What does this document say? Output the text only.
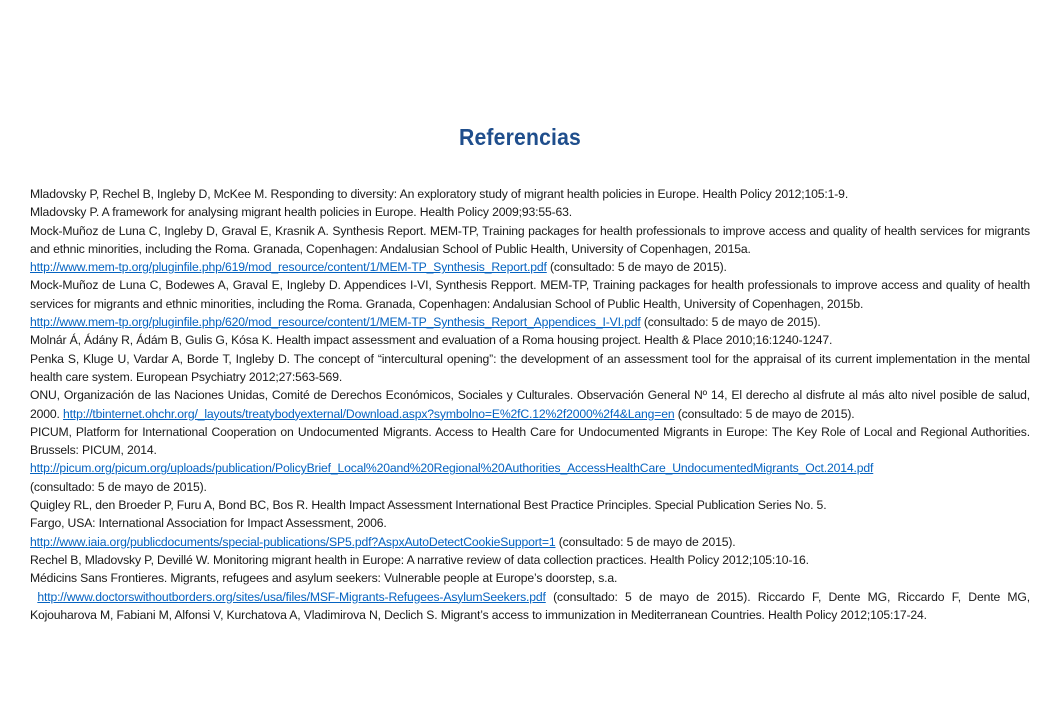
Referencias

Mladovsky P, Rechel B, Ingleby D, McKee M. Responding to diversity: An exploratory study of migrant health policies in Europe. Health Policy 2012;105:1-9.

Mladovsky P. A framework for analysing migrant health policies in Europe. Health Policy 2009;93:55-63.

Mock-Muñoz de Luna C, Ingleby D, Graval E, Krasnik A. Synthesis Report. MEM-TP, Training packages for health professionals to improve access and quality of health services for migrants and ethnic minorities, including the Roma. Granada, Copenhagen: Andalusian School of Public Health, University of Copenhagen, 2015a.
http://www.mem-tp.org/pluginfile.php/619/mod_resource/content/1/MEM-TP_Synthesis_Report.pdf (consultado: 5 de mayo de 2015).

Mock-Muñoz de Luna C, Bodewes A, Graval E, Ingleby D. Appendices I-VI, Synthesis Repport. MEM-TP, Training packages for health professionals to improve access and quality of health services for migrants and ethnic minorities, including the Roma. Granada, Copenhagen: Andalusian School of Public Health, University of Copenhagen, 2015b.
http://www.mem-tp.org/pluginfile.php/620/mod_resource/content/1/MEM-TP_Synthesis_Report_Appendices_I-VI.pdf (consultado: 5 de mayo de 2015).

Molnár Á, Ádány R, Ádám B, Gulis G, Kósa K. Health impact assessment and evaluation of a Roma housing project. Health & Place 2010;16:1240-1247.

Penka S, Kluge U, Vardar A, Borde T, Ingleby D. The concept of “intercultural opening”: the development of an assessment tool for the appraisal of its current implementation in the mental health care system. European Psychiatry 2012;27:563-569.

ONU, Organización de las Naciones Unidas, Comité de Derechos Económicos, Sociales y Culturales. Observación General Nº 14, El derecho al disfrute al más alto nivel posible de salud, 2000. http://tbinternet.ohchr.org/_layouts/treatybodyexternal/Download.aspx?symbolno=E%2fC.12%2f2000%2f4&Lang=en (consultado: 5 de mayo de 2015).

PICUM, Platform for International Cooperation on Undocumented Migrants. Access to Health Care for Undocumented Migrants in Europe: The Key Role of Local and Regional Authorities. Brussels: PICUM, 2014.
http://picum.org/picum.org/uploads/publication/PolicyBrief_Local%20and%20Regional%20Authorities_AccessHealthCare_UndocumentedMigrants_Oct.2014.pdf
(consultado: 5 de mayo de 2015).

Quigley RL, den Broeder P, Furu A, Bond BC, Bos R. Health Impact Assessment International Best Practice Principles. Special Publication Series No. 5.
Fargo, USA: International Association for Impact Assessment, 2006.
http://www.iaia.org/publicdocuments/special-publications/SP5.pdf?AspxAutoDetectCookieSupport=1 (consultado: 5 de mayo de 2015).

Rechel B, Mladovsky P, Devillé W. Monitoring migrant health in Europe: A narrative review of data collection practices. Health Policy 2012;105:10-16.

Médicins Sans Frontieres. Migrants, refugees and asylum seekers: Vulnerable people at Europe’s doorstep, s.a.
http://www.doctorswithoutborders.org/sites/usa/files/MSF-Migrants-Refugees-AsylumSeekers.pdf (consultado: 5 de mayo de 2015). Riccardo F, Dente MG, Riccardo F, Dente MG, Kojouharova M, Fabiani M, Alfonsi V, Kurchatova A, Vladimirova N, Declich S. Migrant’s access to immunization in Mediterranean Countries. Health Policy 2012;105:17-24.
